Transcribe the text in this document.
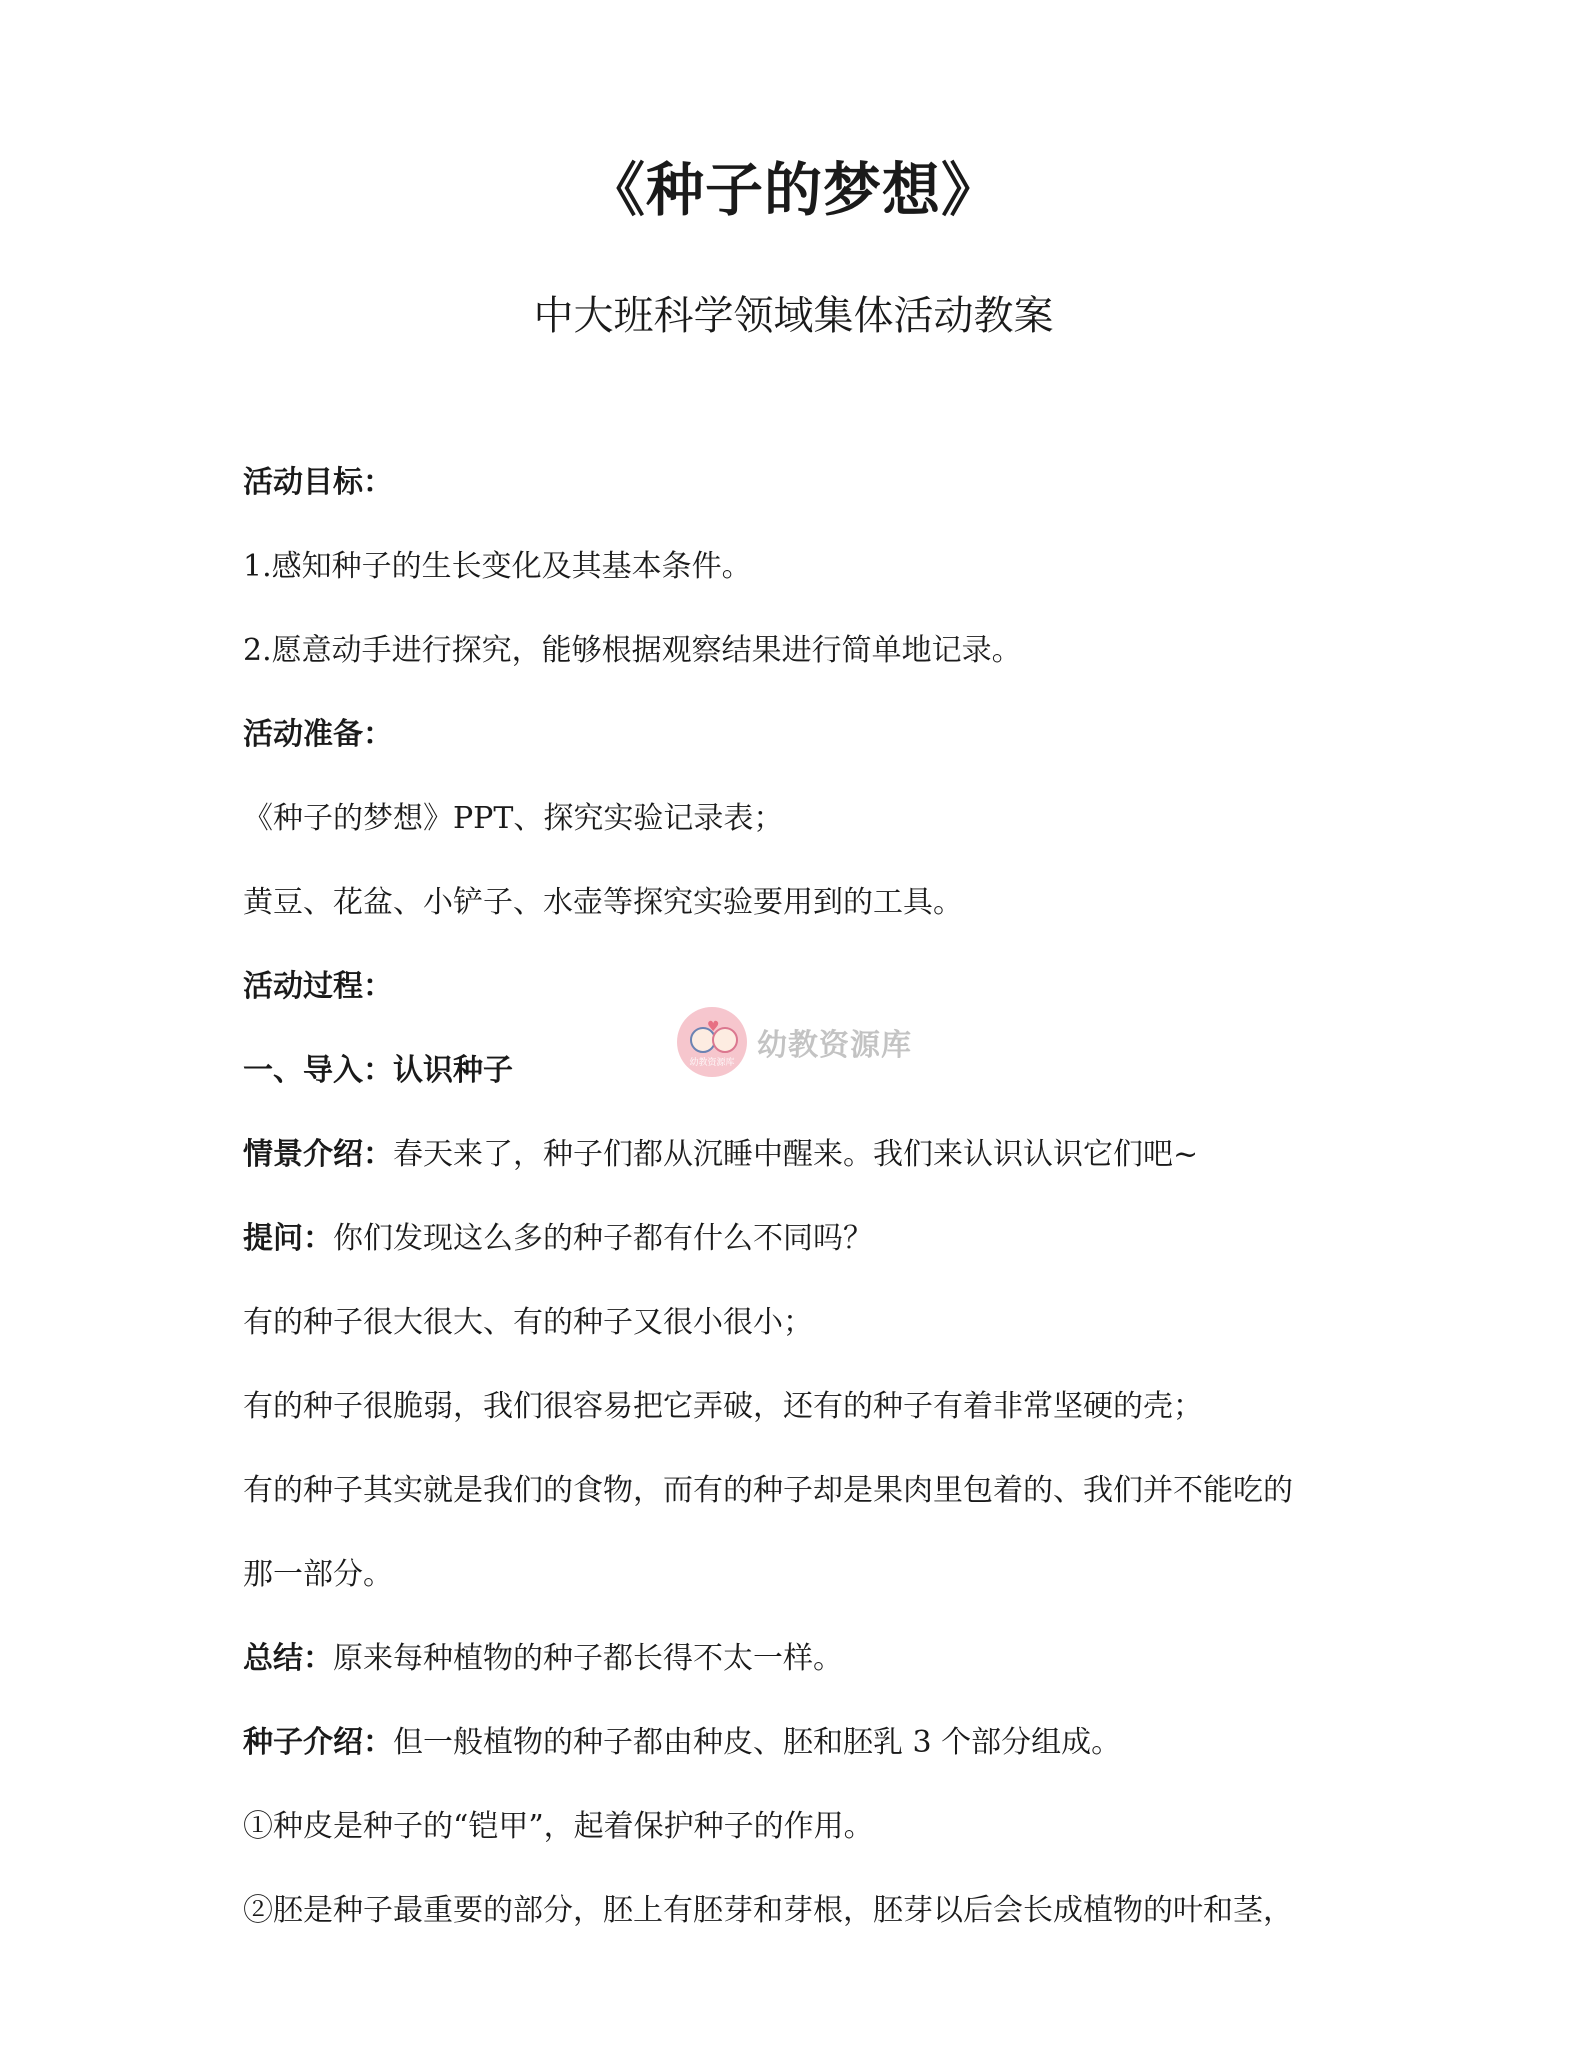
《种子的梦想》
中大班科学领域集体活动教案
活动目标：
1.感知种子的生长变化及其基本条件。
2.愿意动手进行探究，能够根据观察结果进行简单地记录。
活动准备：
《种子的梦想》PPT、探究实验记录表；
黄豆、花盆、小铲子、水壶等探究实验要用到的工具。
活动过程：
一、导入：认识种子
情景介绍：春天来了，种子们都从沉睡中醒来。我们来认识认识它们吧~
提问：你们发现这么多的种子都有什么不同吗？
有的种子很大很大、有的种子又很小很小；
有的种子很脆弱，我们很容易把它弄破，还有的种子有着非常坚硬的壳；
有的种子其实就是我们的食物，而有的种子却是果肉里包着的、我们并不能吃的
那一部分。
总结：原来每种植物的种子都长得不太一样。
种子介绍：但一般植物的种子都由种皮、胚和胚乳 3 个部分组成。
①种皮是种子的“铠甲”，起着保护种子的作用。
②胚是种子最重要的部分，胚上有胚芽和芽根，胚芽以后会长成植物的叶和茎，
♥
幼教资源库 幼教资源库
